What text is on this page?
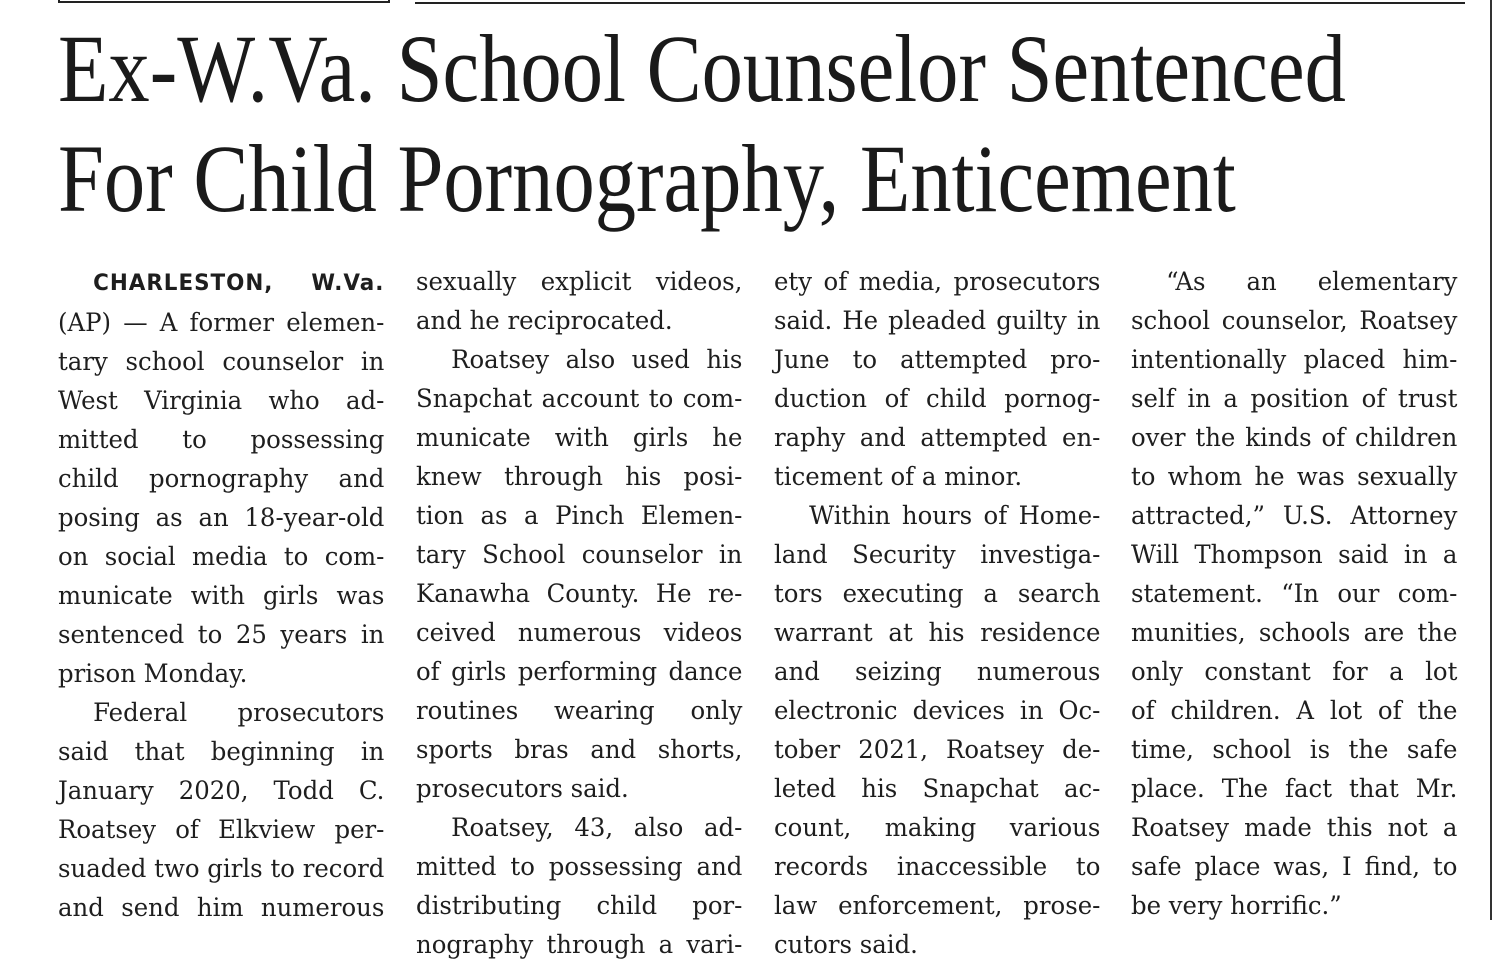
Ex-W.Va. School Counselor Sentenced
For Child Pornography, Enticement
CHARLESTON, W.Va.
(AP) — A former elemen-
tary school counselor in
West Virginia who ad-
mitted to possessing
child pornography and
posing as an 18-year-old
on social media to com-
municate with girls was
sentenced to 25 years in
prison Monday.
Federal prosecutors
said that beginning in
January 2020, Todd C.
Roatsey of Elkview per-
suaded two girls to record
and send him numerous
sexually explicit videos,
and he reciprocated.
Roatsey also used his
Snapchat account to com-
municate with girls he
knew through his posi-
tion as a Pinch Elemen-
tary School counselor in
Kanawha County. He re-
ceived numerous videos
of girls performing dance
routines wearing only
sports bras and shorts,
prosecutors said.
Roatsey, 43, also ad-
mitted to possessing and
distributing child por-
nography through a vari-
ety of media, prosecutors
said. He pleaded guilty in
June to attempted pro-
duction of child pornog-
raphy and attempted en-
ticement of a minor.
Within hours of Home-
land Security investiga-
tors executing a search
warrant at his residence
and seizing numerous
electronic devices in Oc-
tober 2021, Roatsey de-
leted his Snapchat ac-
count, making various
records inaccessible to
law enforcement, prose-
cutors said.
“As an elementary
school counselor, Roatsey
intentionally placed him-
self in a position of trust
over the kinds of children
to whom he was sexually
attracted,” U.S. Attorney
Will Thompson said in a
statement. “In our com-
munities, schools are the
only constant for a lot
of children. A lot of the
time, school is the safe
place. The fact that Mr.
Roatsey made this not a
safe place was, I find, to
be very horrific.”
